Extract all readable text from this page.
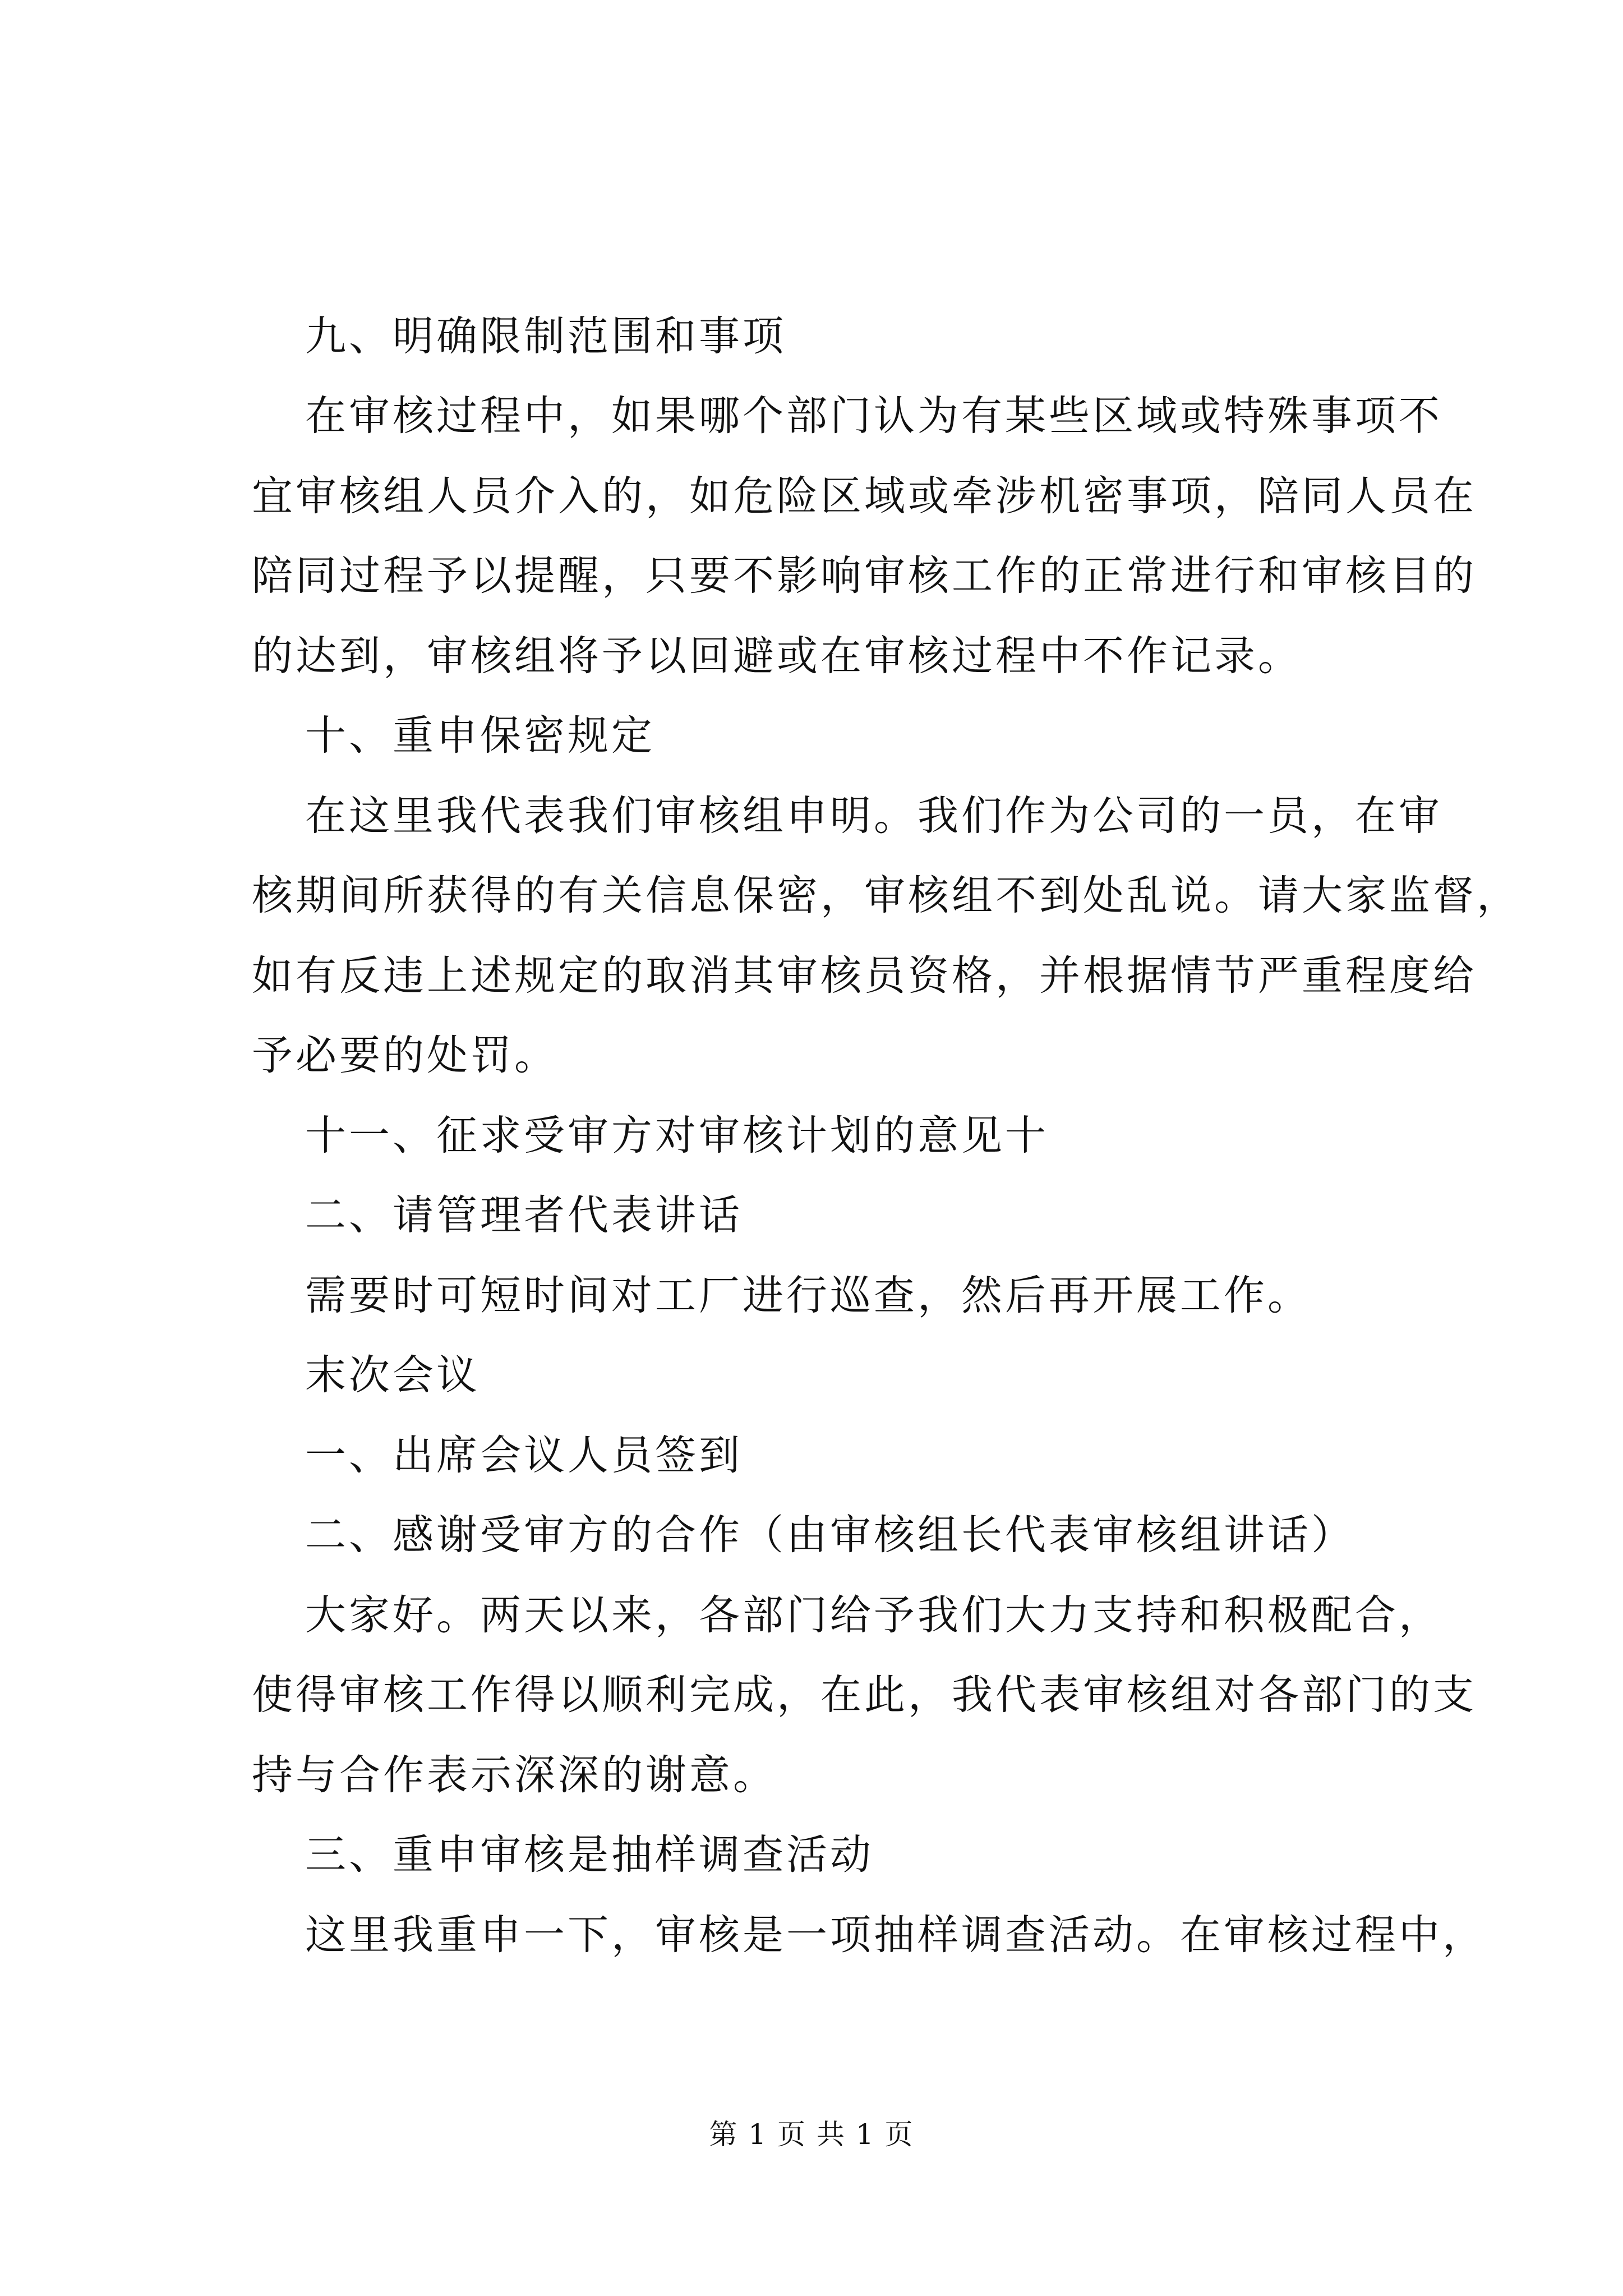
九、明确限制范围和事项
在审核过程中，如果哪个部门认为有某些区域或特殊事项不
宜审核组人员介入的，如危险区域或牵涉机密事项，陪同人员在
陪同过程予以提醒，只要不影响审核工作的正常进行和审核目的
的达到，审核组将予以回避或在审核过程中不作记录。
十、重申保密规定
在这里我代表我们审核组申明。我们作为公司的一员，在审
核期间所获得的有关信息保密，审核组不到处乱说。请大家监督，
如有反违上述规定的取消其审核员资格，并根据情节严重程度给
予必要的处罚。
十一、征求受审方对审核计划的意见十
二、请管理者代表讲话
需要时可短时间对工厂进行巡查，然后再开展工作。
末次会议
一、出席会议人员签到
二、感谢受审方的合作（由审核组长代表审核组讲话）
大家好。两天以来，各部门给予我们大力支持和积极配合，
使得审核工作得以顺利完成，在此，我代表审核组对各部门的支
持与合作表示深深的谢意。
三、重申审核是抽样调查活动
这里我重申一下，审核是一项抽样调查活动。在审核过程中，
第 1 页 共 1 页
